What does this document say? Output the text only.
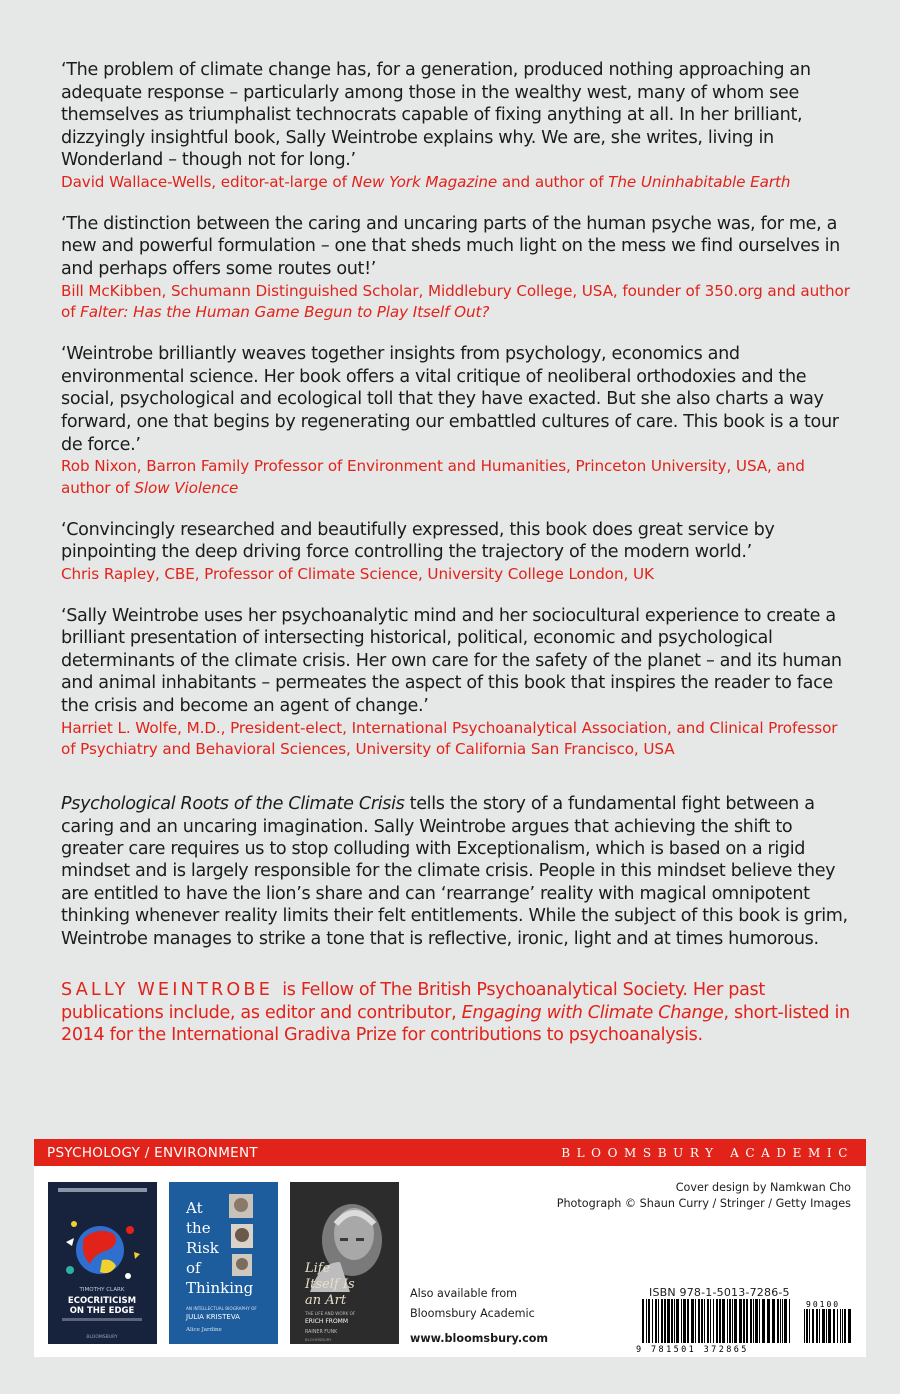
‘The problem of climate change has, for a generation, produced nothing approaching an adequate response – particularly among those in the wealthy west, many of whom see themselves as triumphalist technocrats capable of fixing anything at all. In her brilliant, dizzyingly insightful book, Sally Weintrobe explains why. We are, she writes, living in Wonderland – though not for long.’
David Wallace-Wells, editor-at-large of New York Magazine and author of The Uninhabitable Earth
‘The distinction between the caring and uncaring parts of the human psyche was, for me, a new and powerful formulation – one that sheds much light on the mess we find ourselves in and perhaps offers some routes out!’
Bill McKibben, Schumann Distinguished Scholar, Middlebury College, USA, founder of 350.org and author of Falter: Has the Human Game Begun to Play Itself Out?
‘Weintrobe brilliantly weaves together insights from psychology, economics and environmental science. Her book offers a vital critique of neoliberal orthodoxies and the social, psychological and ecological toll that they have exacted. But she also charts a way forward, one that begins by regenerating our embattled cultures of care. This book is a tour de force.’
Rob Nixon, Barron Family Professor of Environment and Humanities, Princeton University, USA, and author of Slow Violence
‘Convincingly researched and beautifully expressed, this book does great service by pinpointing the deep driving force controlling the trajectory of the modern world.’
Chris Rapley, CBE, Professor of Climate Science, University College London, UK
‘Sally Weintrobe uses her psychoanalytic mind and her sociocultural experience to create a brilliant presentation of intersecting historical, political, economic and psychological determinants of the climate crisis. Her own care for the safety of the planet – and its human and animal inhabitants – permeates the aspect of this book that inspires the reader to face the crisis and become an agent of change.’
Harriet L. Wolfe, M.D., President-elect, International Psychoanalytical Association, and Clinical Professor of Psychiatry and Behavioral Sciences, University of California San Francisco, USA
Psychological Roots of the Climate Crisis tells the story of a fundamental fight between a caring and an uncaring imagination. Sally Weintrobe argues that achieving the shift to greater care requires us to stop colluding with Exceptionalism, which is based on a rigid mindset and is largely responsible for the climate crisis. People in this mindset believe they are entitled to have the lion’s share and can ‘rearrange’ reality with magical omnipotent thinking whenever reality limits their felt entitlements. While the subject of this book is grim, Weintrobe manages to strike a tone that is reflective, ironic, light and at times humorous.
SALLY WEINTROBE is Fellow of The British Psychoanalytical Society. Her past publications include, as editor and contributor, Engaging with Climate Change, short-listed in 2014 for the International Gradiva Prize for contributions to psychoanalysis.
PSYCHOLOGY / ENVIRONMENT	BLOOMSBURY ACADEMIC
TIMOTHY CLARK
ECOCRITICISM
ON THE EDGE
BLOOMSBURY
At
the
Risk
of
Thinking
AN INTELLECTUAL BIOGRAPHY OF
JULIA KRISTEVA
Alice Jardine
Life
Itself Is
an Art
THE LIFE AND WORK OF
ERICH FROMM
RAINER FUNK
BLOOMSBURY
Also available from
Bloomsbury Academic
www.bloomsbury.com
Cover design by Namkwan Cho
Photograph © Shaun Curry / Stringer / Getty Images
ISBN 978-1-5013-7286-5
90100
9 781501 372865
